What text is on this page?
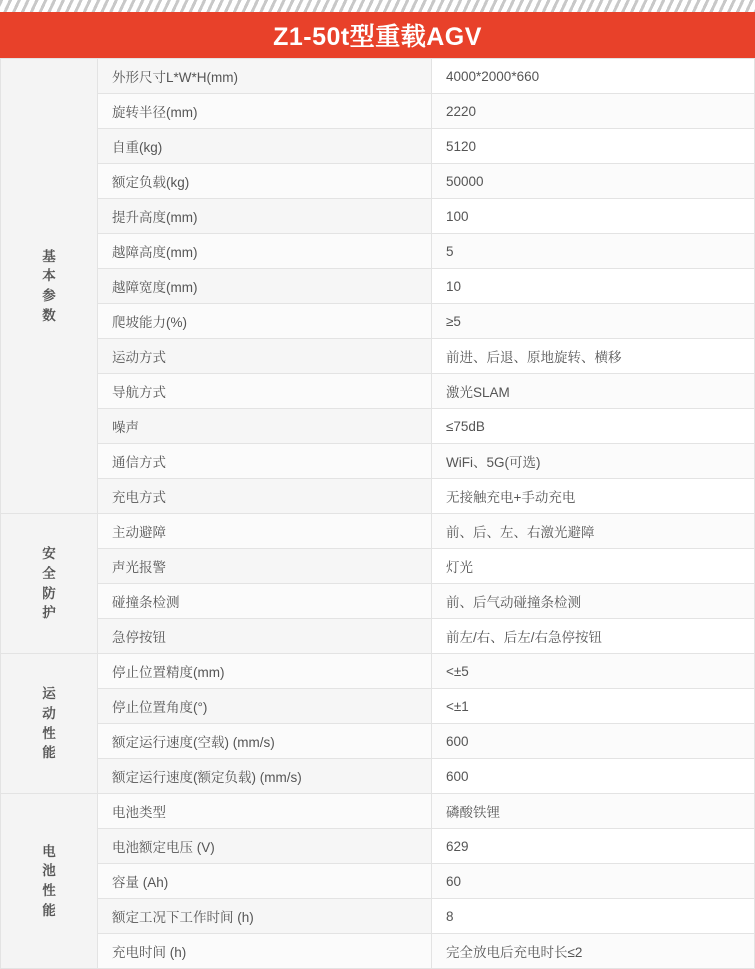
Z1-50t型重载AGV
基本参数	外形尺寸L*W*H(mm)	4000*2000*660
	旋转半径(mm)	2220
	自重(kg)	5120
	额定负载(kg)	50000
	提升高度(mm)	100
	越障高度(mm)	5
	越障宽度(mm)	10
	爬坡能力(%)	≥5
	运动方式	前进、后退、原地旋转、横移
	导航方式	激光SLAM
	噪声	≤75dB
	通信方式	WiFi、5G(可选)
	充电方式	无接触充电+手动充电

安全防护	主动避障	前、后、左、右激光避障
	声光报警	灯光
	碰撞条检测	前、后气动碰撞条检测
	急停按钮	前左/右、后左/右急停按钮

运动性能	停止位置精度(mm)	<±5
	停止位置角度(°)	<±1
	额定运行速度(空载) (mm/s)	600
	额定运行速度(额定负载) (mm/s)	600

电池性能	电池类型	磷酸铁锂
	电池额定电压 (V)	629
	容量 (Ah)	60
	额定工况下工作时间 (h)	8
	充电时间 (h)	完全放电后充电时长≤2
